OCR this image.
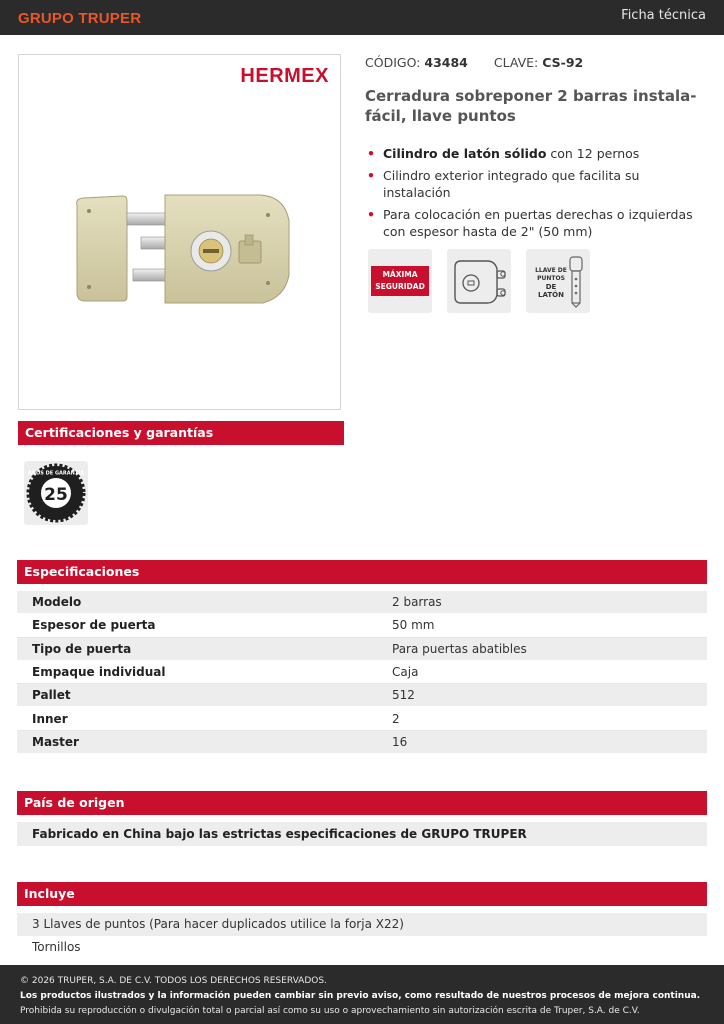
GRUPO TRUPER	Ficha técnica
HERMEX
CÓDIGO: 43484 CLAVE: CS-92
Cerradura sobreponer 2 barras instala-fácil, llave puntos
• Cilindro de latón sólido con 12 pernos
• Cilindro exterior integrado que facilita su instalación
• Para colocación en puertas derechas o izquierdas con espesor hasta de 2" (50 mm)
MÁXIMA
SEGURIDAD
LLAVE DE
PUNTOS
DE LATÓN
Certificaciones y garantías
25
AÑOS DE GARANTÍA
Especificaciones
Modelo	2 barras
Espesor de puerta	50 mm
Tipo de puerta	Para puertas abatibles
Empaque individual	Caja
Pallet	512
Inner	2
Master	16
País de origen
Fabricado en China bajo las estrictas especificaciones de GRUPO TRUPER
Incluye
3 Llaves de puntos (Para hacer duplicados utilice la forja X22)
Tornillos

© 2026 TRUPER, S.A. DE C.V. TODOS LOS DERECHOS RESERVADOS.

Los productos ilustrados y la información pueden cambiar sin previo aviso, como resultado de nuestros procesos de mejora continua.

Prohibida su reproducción o divulgación total o parcial así como su uso o aprovechamiento sin autorización escrita de Truper, S.A. de C.V.
